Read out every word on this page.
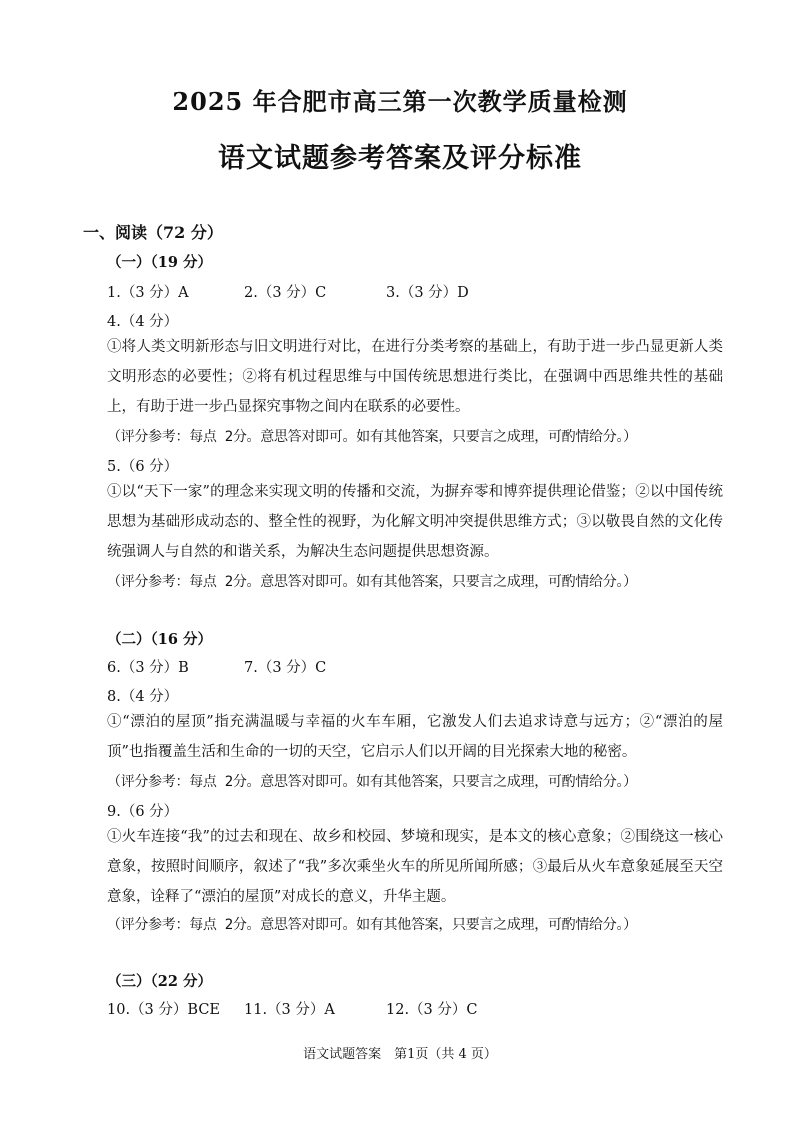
2025 年合肥市高三第一次教学质量检测
语文试题参考答案及评分标准
一、阅读（72 分）
（一）（19 分）
1.（3 分）A	2.（3 分）C	3.（3 分）D
4.（4 分）
①将人类文明新形态与旧文明进行对比，在进行分类考察的基础上，有助于进一步凸显更新人类文明形态的必要性；②将有机过程思维与中国传统思想进行类比，在强调中西思维共性的基础上，有助于进一步凸显探究事物之间内在联系的必要性。
（评分参考：每点 2分。意思答对即可。如有其他答案，只要言之成理，可酌情给分。）
5.（6 分）
①以“天下一家”的理念来实现文明的传播和交流，为摒弃零和博弈提供理论借鉴；②以中国传统思想为基础形成动态的、整全性的视野，为化解文明冲突提供思维方式；③以敬畏自然的文化传统强调人与自然的和谐关系，为解决生态问题提供思想资源。
（评分参考：每点 2分。意思答对即可。如有其他答案，只要言之成理，可酌情给分。）
（二）（16 分）
6.（3 分）B	7.（3 分）C
8.（4 分）
①“漂泊的屋顶”指充满温暖与幸福的火车车厢，它激发人们去追求诗意与远方；②“漂泊的屋顶”也指覆盖生活和生命的一切的天空，它启示人们以开阔的目光探索大地的秘密。
（评分参考：每点 2分。意思答对即可。如有其他答案，只要言之成理，可酌情给分。）
9.（6 分）
①火车连接“我”的过去和现在、故乡和校园、梦境和现实，是本文的核心意象；②围绕这一核心意象，按照时间顺序，叙述了“我”多次乘坐火车的所见所闻所感；③最后从火车意象延展至天空意象，诠释了“漂泊的屋顶”对成长的意义，升华主题。
（评分参考：每点 2分。意思答对即可。如有其他答案，只要言之成理，可酌情给分。）
（三）（22 分）
10.（3 分）BCE 11.（3 分）A	12.（3 分）C
语文试题答案　第1页（共 4 页）
